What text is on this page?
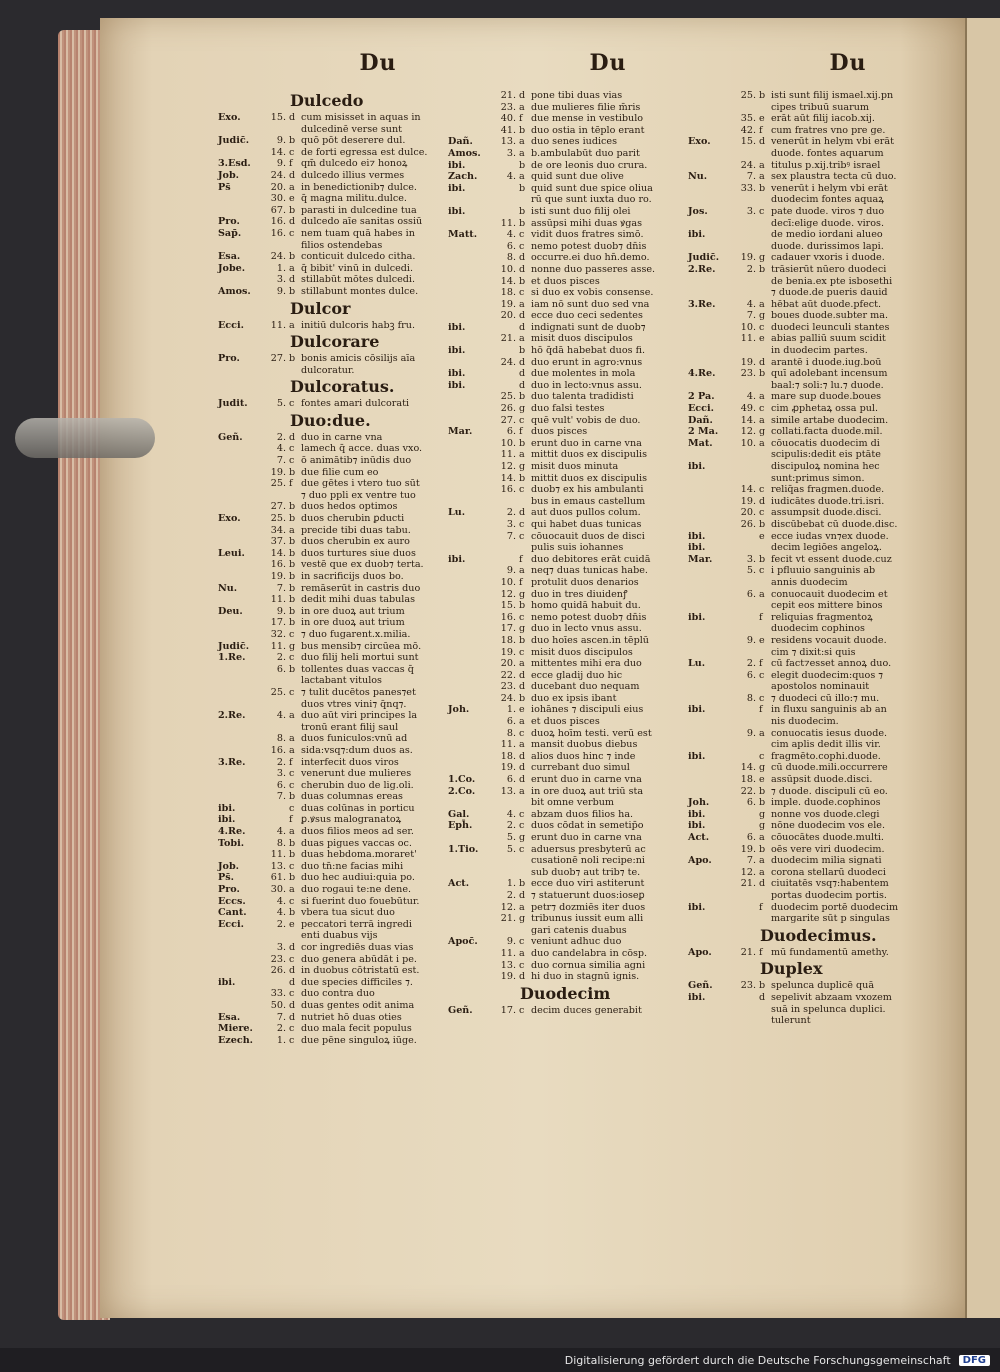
Du
Dulcedo
Exo.	15. d cum misisset in aquas in
dulcedinē verse sunt
Judic̄.	9. b quō pōt deserere dul.
14. c de forti egressa est dulce.
3.Esd.	9. f qm̄ dulcedo ei⁊ honoꝝ
Job.	24. d dulcedo illius vermes
Ps̄	20. a in benedictionib⁊ dulce.
30. e q̄ magna militu.dulce.
67. b parasti in dulcedine tua
Pro.	16. d dulcedo aīe sanitas ossiū
Sap̄.	16. c nem tuam quā habes in
filios ostendebas
Esa.	24. b conticuit dulcedo citha.
Jobe.	1. a q̄ bibit' vinū in dulcedi.
3. d stillabūt mōtes dulcedi.
Amos.	9. b stillabunt montes dulce.
Dulcor
Ecci.	11. a initiū dulcoris habꝫ fru.
Dulcorare
Pro.	27. b bonis amicis cōsilijs aīa
dulcoratur.
Dulcoratus.
Judit.	5. c fontes amari dulcorati
Duo:due.
Geñ.	2. d duo in carne vna
4. c lamech q̄ acce. duas vxo.
7. c ō animātib⁊ inūdis duo
19. b due filie cum eo
25. f due gētes i vtero tuo sūt
⁊ duo ppli ex ventre tuo
27. b duos hedos optimos
Exo.	25. b duos cherubin ꝑducti
34. a precide tibi duas tabu.
37. b duos cherubin ex auro
Leui.	14. b duos turtures siue duos
16. b vestē que ex duob⁊ terta.
19. b in sacrificijs duos bo.
Nu.	7. b remāserūt in castris duo
11. b dedit mihi duas tabulas
Deu.	9. b in ore duoꝝ aut trium
17. b in ore duoꝝ aut trium
32. c ⁊ duo fugarent.x.milia.
Judic̄.	11. g bus mensib⁊ circūea mō.
1.Re.	2. c duo filij heli mortui sunt
6. b tollentes duas vaccas q̄
lactabant vitulos
25. c ⁊ tulit ducētos panes⁊et
duos vtres vini⁊ q̄nq⁊.
2.Re.	4. a duo aūt viri principes la
tronū erant filij saul
8. a duos funiculos:vnū ad
16. a sida:vsq⁊:dum duos as.
3.Re.	2. f interfecit duos viros
3. c venerunt due mulieres
6. c cherubin duo de lig.oli.
7. b duas columnas ereas
ibi.	c duas colūnas in porticu
ibi.	f ꝑ.ꝟsus malogranatoꝝ
4.Re.	4. a duos filios meos ad ser.
Tobi.	8. b duas pigues vaccas oc.
11. b duas hebdoma.moraret'
Job.	13. c duo tn̄:ne facias mihi
Ps̄.	61. b duo hec audiui:quia po.
Pro.	30. a duo rogaui te:ne dene.
Eccs.	4. c si fuerint duo fouebūtur.
Cant.	4. b vbera tua sicut duo
Ecci.	2. e peccatori terrā ingredi
enti duabus vijs
3. d cor ingrediēs duas vias
23. c duo genera abūdāt i pe.
26. d in duobus cōtristatū est.
ibi.	d due species difficiles ⁊.
33. c duo contra duo
50. d duas gentes odit anima
Esa.	7. d nutriet hō duas oties
Miere.	2. c duo mala fecit populus
Ezech.	1. c due pēne singuloꝝ iūge.
Du
21. d pone tibi duas vias
23. a due mulieres filie m̄ris
40. f due mense in vestibulo
41. b duo ostia in tēplo erant
Dañ.	13. a duo senes iudices
Amos.	3. a b.ambulabūt duo parit̄
ibi.	b de ore leonis duo crura.
Zach.	4. a quid sunt due olive
ibi.	b quid sunt due spice oliua
rū que sunt iuxta duo ro.
ibi.	b isti sunt duo filij olei
11. b assūpsi mihi duas ꝟgas
Matt.	4. c vidit duos fratres simō.
6. c nemo potest duob⁊ dn̄is
8. d occurre.ei duo hn̄.demo.
10. d nonne duo passeres asse.
14. b et duos pisces
18. c si duo ex vobis consense.
19. a iam nō sunt duo sed vna
20. d ecce duo ceci sedentes
ibi.	d indignati sunt de duob⁊
21. a misit duos discipulos
ibi.	b hō q̄dā habebat duos fi.
24. d duo erunt in agro:vnus
ibi.	d due molentes in mola
ibi.	d duo in lecto:vnus assu.
25. b duo talenta tradidisti
26. g duo falsi testes
27. c quē vult' vobis de duo.
Mar.	6. f duos pisces
10. b erunt duo in carne vna
11. a mittit duos ex discipulis
12. g misit duos minuta
14. b mittit duos ex discipulis
16. c duob⁊ ex his ambulanti
bus in emaus castellum
Lu.	2. d aut duos pullos colum.
3. c qui habet duas tunicas
7. c cōuocauit duos de disci
pulis suis iohannes
ibi.	f duo debitores erāt cuidā
9. a neq⁊ duas tunicas habe.
10. f protulit duos denarios
12. g duo in tres diuidenꝭ
15. b homo quidā habuit du.
16. c nemo potest duob⁊ dn̄is
17. g duo in lecto vnus assu.
18. b duo hoīes ascen.in tēplū
19. c misit duos discipulos
20. a mittentes mihi era duo
22. d ecce gladij duo hic
23. d ducebant duo nequam
24. b duo ex ipsis ibant
Joh.	1. e iohānes ⁊ discipuli eius
6. a et duos pisces
8. c duoꝝ hoīm testi. verū est
11. a mansit duobus diebus
18. d alios duos hinc ⁊ inde
19. d currebant duo simul
1.Co.	6. d erunt duo in carne vna
2.Co.	13. a in ore duoꝝ aut triū sta
bit omne verbum
Gal.	4. c abzam duos filios ha.
Eph̄.	2. c duos cōdat in semetip̄o
5. g erunt duo in carne vna
1.Tio.	5. c aduersus presbyterū ac
cusationē noli recipe:ni
sub duob⁊ aut trib⁊ te.
Act.	1. b ecce duo viri astiterunt
2. d ⁊ statuerunt duos:ioseꝑ
12. a petr⁊ dozmiēs iter duos
21. g tribunus iussit eum alli
gari catenis duabus
Apoc̄.	9. c veniunt adhuc duo
11. a duo candelabra in cōsp.
13. c duo cornua similia agni
19. d hi duo in stagnū ignis.
Duodecim
Geñ.	17. c decim duces generabit
Du
25. b isti sunt filij ismael.xij.pn
cipes tribuū suarum
35. e erāt aūt filij iacob.xij.
42. f cum fratres vno pre ge.
Exo.	15. d venerūt in helym vbi erāt
duode. fontes aquarum
24. a titulus p.xij.tribꝰ israel
Nu.	7. a sex plaustra tecta cū duo.
33. b venerūt i helym vbi erāt
duodecim fontes aquaꝝ
Jos.	3. c pate duode. viros ⁊ duo
decī:elige duode. viros.
ibi.	de medio iordani alueo
duode. durissimos lapi.
Judic̄.	19. g cadauer vxoris i duode.
2.Re.	2. b trāsierūt nūero duodeci
de benia.ex pte isbosethi
⁊ duode.de pueris dauid
3.Re.	4. a hēbat aūt duode.pfect.
7. g boues duode.subter ma.
10. c duodeci leunculi stantes
11. e abias palliū suum scidit
in duodecim partes.
19. d arantē i duode.iug.boū
4.Re.	23. b quī adolebant incensum
baal:⁊ soli:⁊ lu.⁊ duode.
2 Pa.	4. a mare sup duode.boues
Ecci.	49. c cim ꝓphetaꝝ ossa pul.
Dañ.	14. a simile artabe duodecim.
2 Ma.	12. g collati.facta duode.mil.
Mat.	10. a cōuocatis duodecim di
scipulis:dedit eis ptāte
ibi.	discipuloꝝ nomina hec
sunt:primus simon.
14. c reliq̄as fragmen.duode.
19. d iudicātes duode.tri.isri.
20. c assumpsit duode.disci.
26. b discūbebat cū duode.disc.
ibi.	e ecce iudas vn⁊ex duode.
ibi.	decim legiōes angeloꝝ.
Mar.	3. b fecit vt essent duode.cuz
5. c i pfluuio sanguinis ab
annis duodecim
6. a conuocauit duodecim et
cepit eos mittere binos
ibi.	f reliquias fragmentoꝝ
duodecim cophinos
9. e residens vocauit duode.
cim ⁊ dixit:si quis
Lu.	2. f cū fact⁊esset annoꝝ duo.
6. c elegit duodecim:quos ⁊
apostolos nominauit
8. c ⁊ duodeci cū illo:⁊ mu.
ibi.	f in fluxu sanguinis ab an
nis duodecim.
9. a conuocatis iesus duode.
cim aplis dedit illis vir.
ibi.	c fragmēto.cophi.duode.
14. g cū duode.mili.occurrere
18. e assūpsit duode.disci.
22. b ⁊ duode. discipuli cū eo.
Joh.	6. b imple. duode.cophinos
ibi.	g nonne vos duode.clegi
ibi.	g nōne duodecim vos ele.
Act.	6. a cōuocātes duode.multi.
19. b oēs vere viri duodecim.
Apo.	7. a duodecim milia signati
12. a corona stellarū duodeci
21. d ciuitatēs vsq⁊:habentem
portas duodecim portis.
ibi.	f duodecim portē duodecim
margarite sūt p singulas
Duodecimus.
Apo.	21. f mū fundamentū amethy.
Duplex
Geñ.	23. b spelunca duplicē quā
ibi.	d sepelivit abzaam vxozem
suā in spelunca duplici.
tulerunt
Digitalisierung gefördert durch die Deutsche Forschungsgemeinschaft	DFG
